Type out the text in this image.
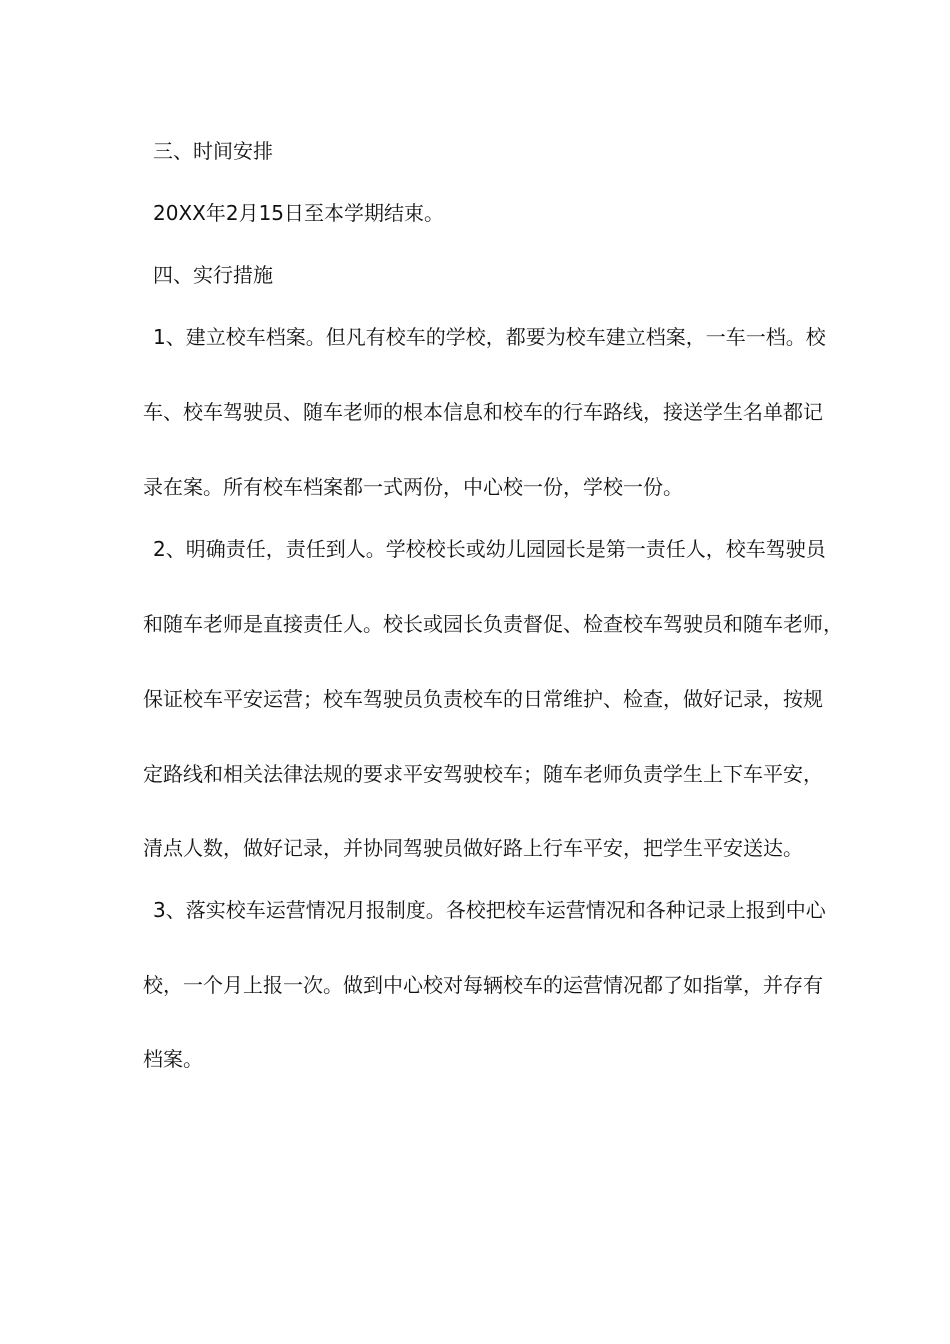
三、时间安排
20XX年2月15日至本学期结束。
四、实行措施
1、建立校车档案。但凡有校车的学校，都要为校车建立档案，一车一档。校
车、校车驾驶员、随车老师的根本信息和校车的行车路线，接送学生名单都记
录在案。所有校车档案都一式两份，中心校一份，学校一份。
2、明确责任，责任到人。学校校长或幼儿园园长是第一责任人，校车驾驶员
和随车老师是直接责任人。校长或园长负责督促、检查校车驾驶员和随车老师，
保证校车平安运营；校车驾驶员负责校车的日常维护、检查，做好记录，按规
定路线和相关法律法规的要求平安驾驶校车；随车老师负责学生上下车平安，
清点人数，做好记录，并协同驾驶员做好路上行车平安，把学生平安送达。
3、落实校车运营情况月报制度。各校把校车运营情况和各种记录上报到中心
校，一个月上报一次。做到中心校对每辆校车的运营情况都了如指掌，并存有
档案。
